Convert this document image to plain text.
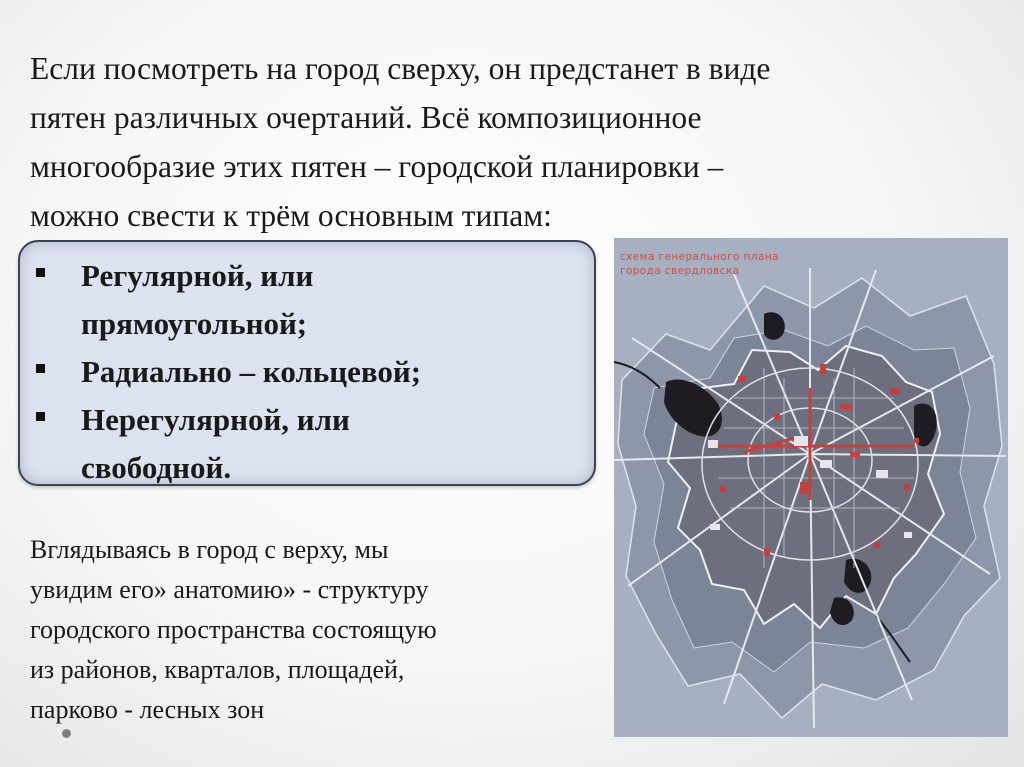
Если посмотреть на город сверху, он предстанет в виде
пятен различных очертаний. Всё композиционное
многообразие этих пятен – городской планировки –
можно свести к трём основным типам:

Регулярной, или
прямоугольной;
Радиально – кольцевой;
Нерегулярной, или
свободной.

Вглядываясь в город с верху, мы
увидим его» анатомию» - структуру
городского пространства состоящую
из районов, кварталов, площадей,
парково - лесных зон

схема генерального плана
города свердловска
